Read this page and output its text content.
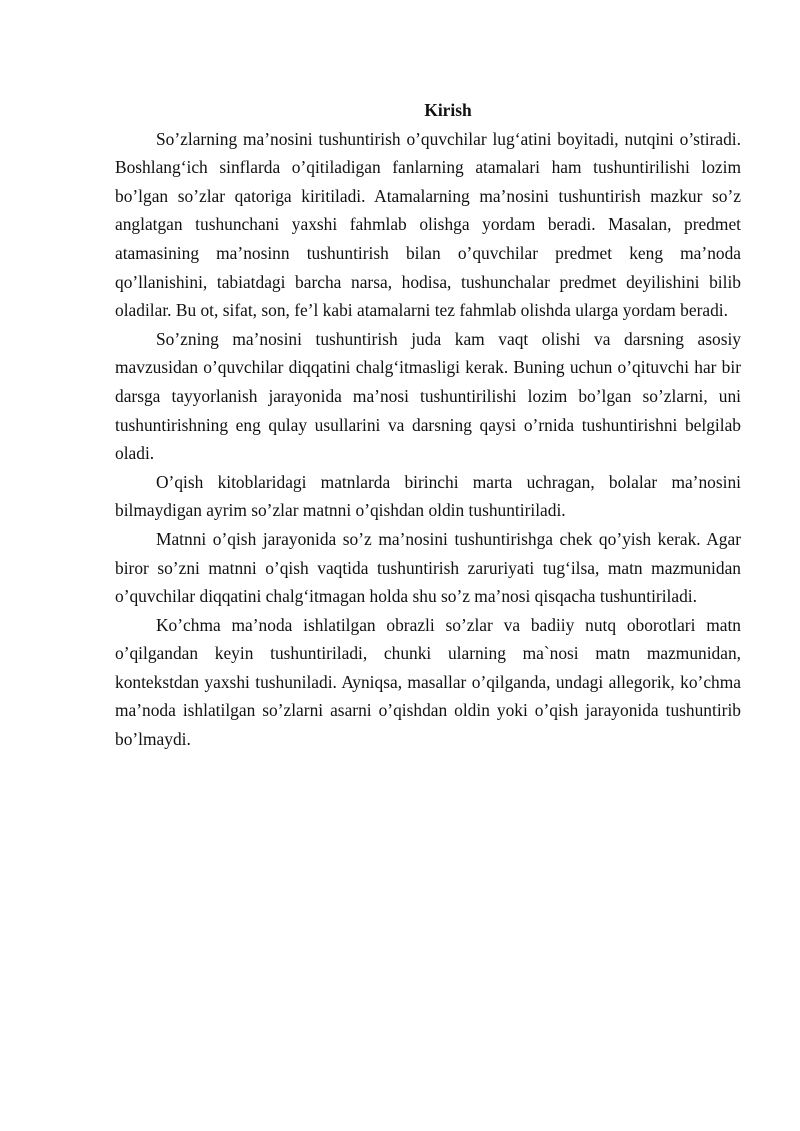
Kirish

So’zlarning ma’nosini tushuntirish o’quvchilar lug‘atini boyitadi, nutqini o’stiradi. Boshlang‘ich sinflarda o’qitiladigan fanlarning atamalari ham tushuntirilishi lozim bo’lgan so’zlar qatoriga kiritiladi. Atamalarning ma’nosini tushuntirish mazkur so’z anglatgan tushunchani yaxshi fahmlab olishga yordam beradi. Masalan, predmet atamasining ma’nosinn tushuntirish bilan o’quvchilar predmet keng ma’noda qo’llanishini, tabiatdagi barcha narsa, hodisa, tushunchalar predmet deyilishini bilib oladilar. Bu ot, sifat, son, fe’l kabi atamalarni tez fahmlab olishda ularga yordam beradi.

So’zning ma’nosini tushuntirish juda kam vaqt olishi va darsning asosiy mavzusidan o’quvchilar diqqatini chalg‘itmasligi kerak. Buning uchun o’qituvchi har bir darsga tayyorlanish jarayonida ma’nosi tushuntirilishi lozim bo’lgan so’zlarni, uni tushuntirishning eng qulay usullarini va darsning qaysi o’rnida tushuntirishni belgilab oladi.

O’qish kitoblaridagi matnlarda birinchi marta uchragan, bolalar ma’nosini bilmaydigan ayrim so’zlar matnni o’qishdan oldin tushuntiriladi.

Matnni o’qish jarayonida so’z ma’nosini tushuntirishga chek qo’yish kerak. Agar biror so’zni matnni o’qish vaqtida tushuntirish zaruriyati tug‘ilsa, matn mazmunidan o’quvchilar diqqatini chalg‘itmagan holda shu so’z ma’nosi qisqacha tushuntiriladi.

Ko’chma ma’noda ishlatilgan obrazli so’zlar va badiiy nutq oborotlari matn o’qilgandan keyin tushuntiriladi, chunki ularning ma`nosi matn mazmunidan, kontekstdan yaxshi tushuniladi. Ayniqsa, masallar o’qilganda, undagi allegorik, ko’chma ma’noda ishlatilgan so’zlarni asarni o’qishdan oldin yoki o’qish jarayonida tushuntirib bo’lmaydi.
